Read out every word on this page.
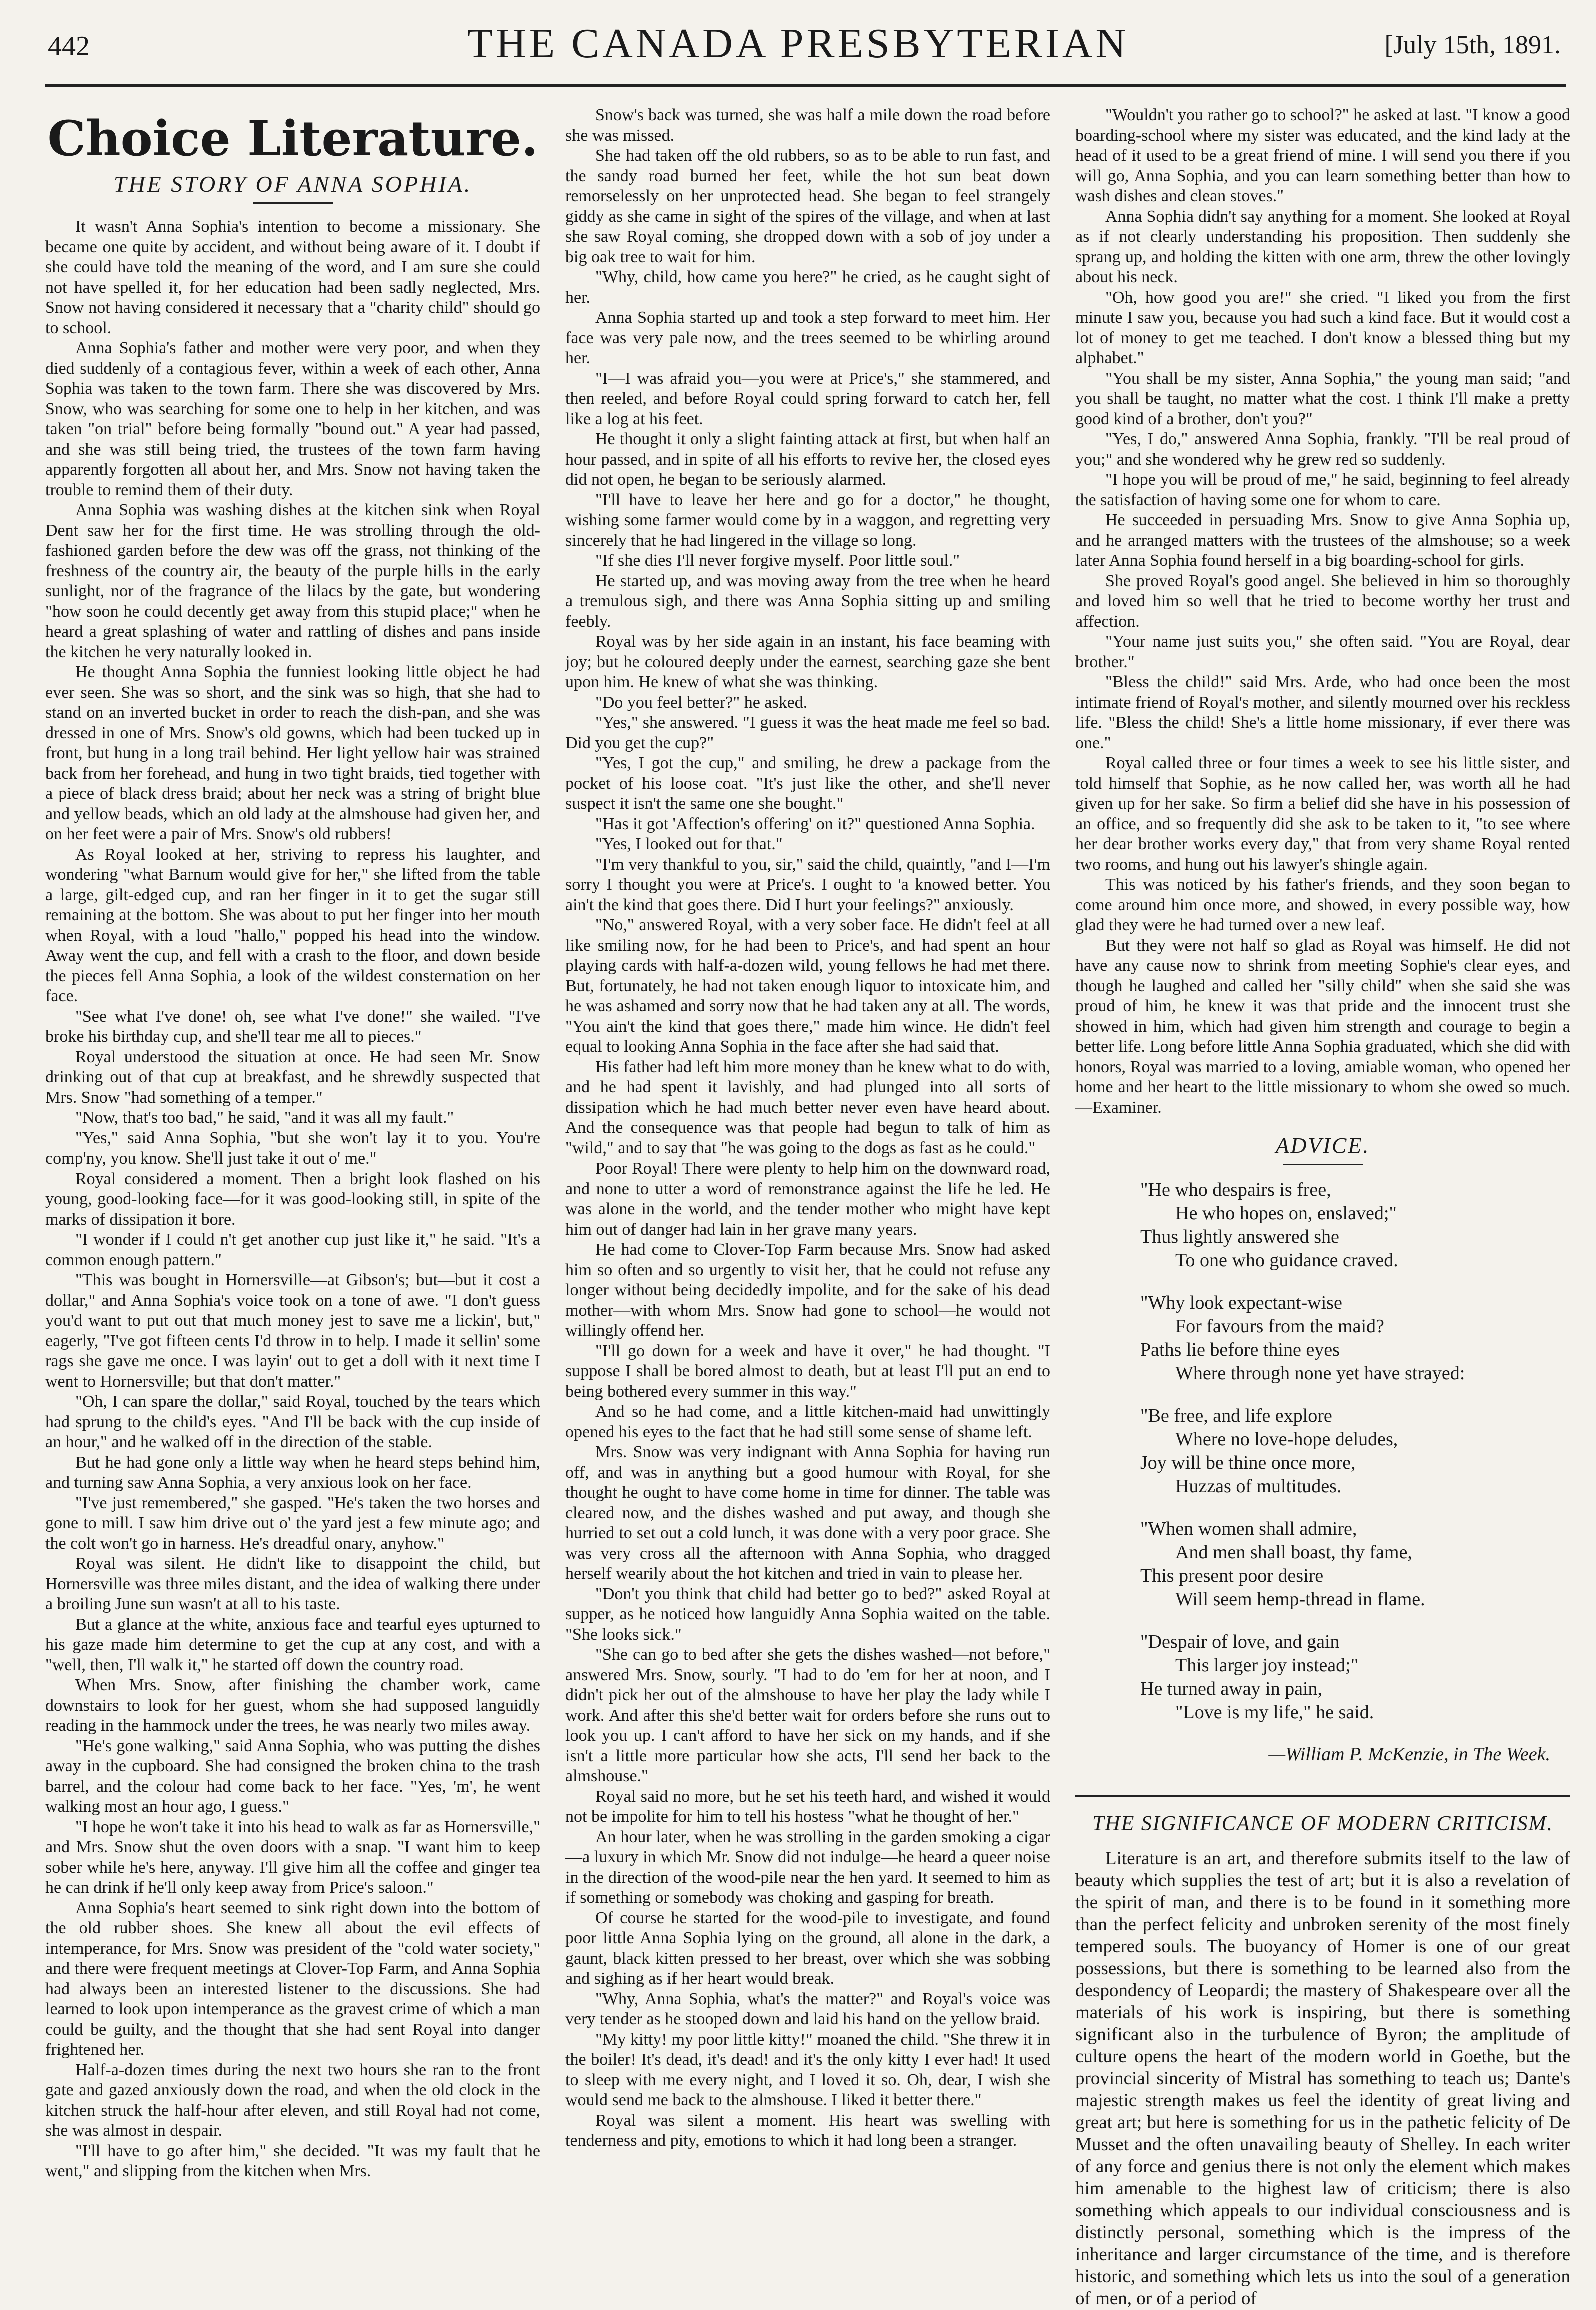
442	THE CANADA PRESBYTERIAN	[July 15th, 1891.
Choice Literature.
THE STORY OF ANNA SOPHIA.

It wasn't Anna Sophia's intention to become a missionary. She became one quite by accident, and without being aware of it. I doubt if she could have told the meaning of the word, and I am sure she could not have spelled it, for her education had been sadly neglected, Mrs. Snow not having considered it necessary that a "charity child" should go to school.

Anna Sophia's father and mother were very poor, and when they died suddenly of a contagious fever, within a week of each other, Anna Sophia was taken to the town farm. There she was discovered by Mrs. Snow, who was searching for some one to help in her kitchen, and was taken "on trial" before being formally "bound out." A year had passed, and she was still being tried, the trustees of the town farm having apparently forgotten all about her, and Mrs. Snow not having taken the trouble to remind them of their duty.

Anna Sophia was washing dishes at the kitchen sink when Royal Dent saw her for the first time. He was strolling through the old-fashioned garden before the dew was off the grass, not thinking of the freshness of the country air, the beauty of the purple hills in the early sunlight, nor of the fragrance of the lilacs by the gate, but wondering "how soon he could decently get away from this stupid place;" when he heard a great splashing of water and rattling of dishes and pans inside the kitchen he very naturally looked in.

He thought Anna Sophia the funniest looking little object he had ever seen. She was so short, and the sink was so high, that she had to stand on an inverted bucket in order to reach the dish-pan, and she was dressed in one of Mrs. Snow's old gowns, which had been tucked up in front, but hung in a long trail behind. Her light yellow hair was strained back from her forehead, and hung in two tight braids, tied together with a piece of black dress braid; about her neck was a string of bright blue and yellow beads, which an old lady at the almshouse had given her, and on her feet were a pair of Mrs. Snow's old rubbers!

As Royal looked at her, striving to repress his laughter, and wondering "what Barnum would give for her," she lifted from the table a large, gilt-edged cup, and ran her finger in it to get the sugar still remaining at the bottom. She was about to put her finger into her mouth when Royal, with a loud "hallo," popped his head into the window. Away went the cup, and fell with a crash to the floor, and down beside the pieces fell Anna Sophia, a look of the wildest consternation on her face.

"See what I've done! oh, see what I've done!" she wailed. "I've broke his birthday cup, and she'll tear me all to pieces."

Royal understood the situation at once. He had seen Mr. Snow drinking out of that cup at breakfast, and he shrewdly suspected that Mrs. Snow "had something of a temper."

"Now, that's too bad," he said, "and it was all my fault."

"Yes," said Anna Sophia, "but she won't lay it to you. You're comp'ny, you know. She'll just take it out o' me."

Royal considered a moment. Then a bright look flashed on his young, good-looking face—for it was good-looking still, in spite of the marks of dissipation it bore.

"I wonder if I could n't get another cup just like it," he said. "It's a common enough pattern."

"This was bought in Hornersville—at Gibson's; but—but it cost a dollar," and Anna Sophia's voice took on a tone of awe. "I don't guess you'd want to put out that much money jest to save me a lickin', but," eagerly, "I've got fifteen cents I'd throw in to help. I made it sellin' some rags she gave me once. I was layin' out to get a doll with it next time I went to Hornersville; but that don't matter."

"Oh, I can spare the dollar," said Royal, touched by the tears which had sprung to the child's eyes. "And I'll be back with the cup inside of an hour," and he walked off in the direction of the stable.

But he had gone only a little way when he heard steps behind him, and turning saw Anna Sophia, a very anxious look on her face.

"I've just remembered," she gasped. "He's taken the two horses and gone to mill. I saw him drive out o' the yard jest a few minute ago; and the colt won't go in harness. He's dreadful onary, anyhow."

Royal was silent. He didn't like to disappoint the child, but Hornersville was three miles distant, and the idea of walking there under a broiling June sun wasn't at all to his taste.

But a glance at the white, anxious face and tearful eyes upturned to his gaze made him determine to get the cup at any cost, and with a "well, then, I'll walk it," he started off down the country road.

When Mrs. Snow, after finishing the chamber work, came downstairs to look for her guest, whom she had supposed languidly reading in the hammock under the trees, he was nearly two miles away.

"He's gone walking," said Anna Sophia, who was putting the dishes away in the cupboard. She had consigned the broken china to the trash barrel, and the colour had come back to her face. "Yes, 'm', he went walking most an hour ago, I guess."

"I hope he won't take it into his head to walk as far as Hornersville," and Mrs. Snow shut the oven doors with a snap. "I want him to keep sober while he's here, anyway. I'll give him all the coffee and ginger tea he can drink if he'll only keep away from Price's saloon."

Anna Sophia's heart seemed to sink right down into the bottom of the old rubber shoes. She knew all about the evil effects of intemperance, for Mrs. Snow was president of the "cold water society," and there were frequent meetings at Clover-Top Farm, and Anna Sophia had always been an interested listener to the discussions. She had learned to look upon intemperance as the gravest crime of which a man could be guilty, and the thought that she had sent Royal into danger frightened her.

Half-a-dozen times during the next two hours she ran to the front gate and gazed anxiously down the road, and when the old clock in the kitchen struck the half-hour after eleven, and still Royal had not come, she was almost in despair.

"I'll have to go after him," she decided. "It was my fault that he went," and slipping from the kitchen when Mrs.

Snow's back was turned, she was half a mile down the road before she was missed.

She had taken off the old rubbers, so as to be able to run fast, and the sandy road burned her feet, while the hot sun beat down remorselessly on her unprotected head. She began to feel strangely giddy as she came in sight of the spires of the village, and when at last she saw Royal coming, she dropped down with a sob of joy under a big oak tree to wait for him.

"Why, child, how came you here?" he cried, as he caught sight of her.

Anna Sophia started up and took a step forward to meet him. Her face was very pale now, and the trees seemed to be whirling around her.

"I—I was afraid you—you were at Price's," she stammered, and then reeled, and before Royal could spring forward to catch her, fell like a log at his feet.

He thought it only a slight fainting attack at first, but when half an hour passed, and in spite of all his efforts to revive her, the closed eyes did not open, he began to be seriously alarmed.

"I'll have to leave her here and go for a doctor," he thought, wishing some farmer would come by in a waggon, and regretting very sincerely that he had lingered in the village so long.

"If she dies I'll never forgive myself. Poor little soul."

He started up, and was moving away from the tree when he heard a tremulous sigh, and there was Anna Sophia sitting up and smiling feebly.

Royal was by her side again in an instant, his face beaming with joy; but he coloured deeply under the earnest, searching gaze she bent upon him. He knew of what she was thinking.

"Do you feel better?" he asked.

"Yes," she answered. "I guess it was the heat made me feel so bad. Did you get the cup?"

"Yes, I got the cup," and smiling, he drew a package from the pocket of his loose coat. "It's just like the other, and she'll never suspect it isn't the same one she bought."

"Has it got 'Affection's offering' on it?" questioned Anna Sophia.

"Yes, I looked out for that."

"I'm very thankful to you, sir," said the child, quaintly, "and I—I'm sorry I thought you were at Price's. I ought to 'a knowed better. You ain't the kind that goes there. Did I hurt your feelings?" anxiously.

"No," answered Royal, with a very sober face. He didn't feel at all like smiling now, for he had been to Price's, and had spent an hour playing cards with half-a-dozen wild, young fellows he had met there. But, fortunately, he had not taken enough liquor to intoxicate him, and he was ashamed and sorry now that he had taken any at all. The words, "You ain't the kind that goes there," made him wince. He didn't feel equal to looking Anna Sophia in the face after she had said that.

His father had left him more money than he knew what to do with, and he had spent it lavishly, and had plunged into all sorts of dissipation which he had much better never even have heard about. And the consequence was that people had begun to talk of him as "wild," and to say that "he was going to the dogs as fast as he could."

Poor Royal! There were plenty to help him on the downward road, and none to utter a word of remonstrance against the life he led. He was alone in the world, and the tender mother who might have kept him out of danger had lain in her grave many years.

He had come to Clover-Top Farm because Mrs. Snow had asked him so often and so urgently to visit her, that he could not refuse any longer without being decidedly impolite, and for the sake of his dead mother—with whom Mrs. Snow had gone to school—he would not willingly offend her.

"I'll go down for a week and have it over," he had thought. "I suppose I shall be bored almost to death, but at least I'll put an end to being bothered every summer in this way."

And so he had come, and a little kitchen-maid had unwittingly opened his eyes to the fact that he had still some sense of shame left.

Mrs. Snow was very indignant with Anna Sophia for having run off, and was in anything but a good humour with Royal, for she thought he ought to have come home in time for dinner. The table was cleared now, and the dishes washed and put away, and though she hurried to set out a cold lunch, it was done with a very poor grace. She was very cross all the afternoon with Anna Sophia, who dragged herself wearily about the hot kitchen and tried in vain to please her.

"Don't you think that child had better go to bed?" asked Royal at supper, as he noticed how languidly Anna Sophia waited on the table. "She looks sick."

"She can go to bed after she gets the dishes washed—not before," answered Mrs. Snow, sourly. "I had to do 'em for her at noon, and I didn't pick her out of the almshouse to have her play the lady while I work. And after this she'd better wait for orders before she runs out to look you up. I can't afford to have her sick on my hands, and if she isn't a little more particular how she acts, I'll send her back to the almshouse."

Royal said no more, but he set his teeth hard, and wished it would not be impolite for him to tell his hostess "what he thought of her."

An hour later, when he was strolling in the garden smoking a cigar—a luxury in which Mr. Snow did not indulge—he heard a queer noise in the direction of the wood-pile near the hen yard. It seemed to him as if something or somebody was choking and gasping for breath.

Of course he started for the wood-pile to investigate, and found poor little Anna Sophia lying on the ground, all alone in the dark, a gaunt, black kitten pressed to her breast, over which she was sobbing and sighing as if her heart would break.

"Why, Anna Sophia, what's the matter?" and Royal's voice was very tender as he stooped down and laid his hand on the yellow braid.

"My kitty! my poor little kitty!" moaned the child. "She threw it in the boiler! It's dead, it's dead! and it's the only kitty I ever had! It used to sleep with me every night, and I loved it so. Oh, dear, I wish she would send me back to the almshouse. I liked it better there."

Royal was silent a moment. His heart was swelling with tenderness and pity, emotions to which it had long been a stranger.

"Wouldn't you rather go to school?" he asked at last. "I know a good boarding-school where my sister was educated, and the kind lady at the head of it used to be a great friend of mine. I will send you there if you will go, Anna Sophia, and you can learn something better than how to wash dishes and clean stoves."

Anna Sophia didn't say anything for a moment. She looked at Royal as if not clearly understanding his proposition. Then suddenly she sprang up, and holding the kitten with one arm, threw the other lovingly about his neck.

"Oh, how good you are!" she cried. "I liked you from the first minute I saw you, because you had such a kind face. But it would cost a lot of money to get me teached. I don't know a blessed thing but my alphabet."

"You shall be my sister, Anna Sophia," the young man said; "and you shall be taught, no matter what the cost. I think I'll make a pretty good kind of a brother, don't you?"

"Yes, I do," answered Anna Sophia, frankly. "I'll be real proud of you;" and she wondered why he grew red so suddenly.

"I hope you will be proud of me," he said, beginning to feel already the satisfaction of having some one for whom to care.

He succeeded in persuading Mrs. Snow to give Anna Sophia up, and he arranged matters with the trustees of the almshouse; so a week later Anna Sophia found herself in a big boarding-school for girls.

She proved Royal's good angel. She believed in him so thoroughly and loved him so well that he tried to become worthy her trust and affection.

"Your name just suits you," she often said. "You are Royal, dear brother."

"Bless the child!" said Mrs. Arde, who had once been the most intimate friend of Royal's mother, and silently mourned over his reckless life. "Bless the child! She's a little home missionary, if ever there was one."

Royal called three or four times a week to see his little sister, and told himself that Sophie, as he now called her, was worth all he had given up for her sake. So firm a belief did she have in his possession of an office, and so frequently did she ask to be taken to it, "to see where her dear brother works every day," that from very shame Royal rented two rooms, and hung out his lawyer's shingle again.

This was noticed by his father's friends, and they soon began to come around him once more, and showed, in every possible way, how glad they were he had turned over a new leaf.

But they were not half so glad as Royal was himself. He did not have any cause now to shrink from meeting Sophie's clear eyes, and though he laughed and called her "silly child" when she said she was proud of him, he knew it was that pride and the innocent trust she showed in him, which had given him strength and courage to begin a better life. Long before little Anna Sophia graduated, which she did with honors, Royal was married to a loving, amiable woman, who opened her home and her heart to the little missionary to whom she owed so much.—Examiner.

ADVICE.
"He who despairs is free,
He who hopes on, enslaved;"
Thus lightly answered she
To one who guidance craved.
"Why look expectant-wise
For favours from the maid?
Paths lie before thine eyes
Where through none yet have strayed:
"Be free, and life explore
Where no love-hope deludes,
Joy will be thine once more,
Huzzas of multitudes.
"When women shall admire,
And men shall boast, thy fame,
This present poor desire
Will seem hemp-thread in flame.
"Despair of love, and gain
This larger joy instead;"
He turned away in pain,
"Love is my life," he said.
—William P. McKenzie, in The Week.
THE SIGNIFICANCE OF MODERN CRITICISM.

Literature is an art, and therefore submits itself to the law of beauty which supplies the test of art; but it is also a revelation of the spirit of man, and there is to be found in it something more than the perfect felicity and unbroken serenity of the most finely tempered souls. The buoyancy of Homer is one of our great possessions, but there is something to be learned also from the despondency of Leopardi; the mastery of Shakespeare over all the materials of his work is inspiring, but there is something significant also in the turbulence of Byron; the amplitude of culture opens the heart of the modern world in Goethe, but the provincial sincerity of Mistral has something to teach us; Dante's majestic strength makes us feel the identity of great living and great art; but here is something for us in the pathetic felicity of De Musset and the often unavailing beauty of Shelley. In each writer of any force and genius there is not only the element which makes him amenable to the highest law of criticism; there is also something which appeals to our individual consciousness and is distinctly personal, something which is the impress of the inheritance and larger circumstance of the time, and is therefore historic, and something which lets us into the soul of a generation of men, or of a period of
